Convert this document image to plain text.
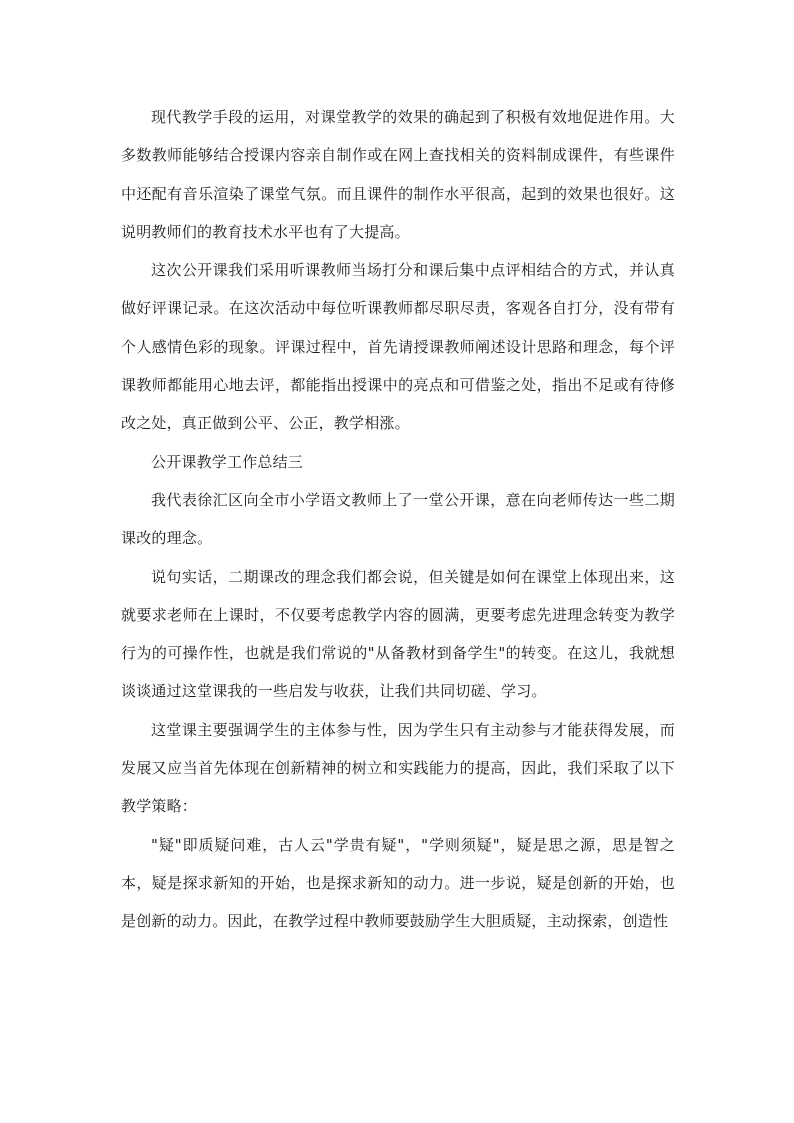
现代教学手段的运用，对课堂教学的效果的确起到了积极有效地促进作用。大多数教师能够结合授课内容亲自制作或在网上查找相关的资料制成课件，有些课件中还配有音乐渲染了课堂气氛。而且课件的制作水平很高，起到的效果也很好。这说明教师们的教育技术水平也有了大提高。

这次公开课我们采用听课教师当场打分和课后集中点评相结合的方式，并认真做好评课记录。在这次活动中每位听课教师都尽职尽责，客观各自打分，没有带有个人感情色彩的现象。评课过程中，首先请授课教师阐述设计思路和理念，每个评课教师都能用心地去评，都能指出授课中的亮点和可借鉴之处，指出不足或有待修改之处，真正做到公平、公正，教学相涨。

公开课教学工作总结三

我代表徐汇区向全市小学语文教师上了一堂公开课，意在向老师传达一些二期课改的理念。

说句实话，二期课改的理念我们都会说，但关键是如何在课堂上体现出来，这就要求老师在上课时，不仅要考虑教学内容的圆满，更要考虑先进理念转变为教学行为的可操作性，也就是我们常说的"从备教材到备学生"的转变。在这儿，我就想谈谈通过这堂课我的一些启发与收获，让我们共同切磋、学习。

这堂课主要强调学生的主体参与性，因为学生只有主动参与才能获得发展，而发展又应当首先体现在创新精神的树立和实践能力的提高，因此，我们采取了以下教学策略：

"疑"即质疑问难，古人云"学贵有疑"，"学则须疑"，疑是思之源，思是智之本，疑是探求新知的开始，也是探求新知的动力。进一步说，疑是创新的开始，也是创新的动力。因此，在教学过程中教师要鼓励学生大胆质疑，主动探索，创造性
